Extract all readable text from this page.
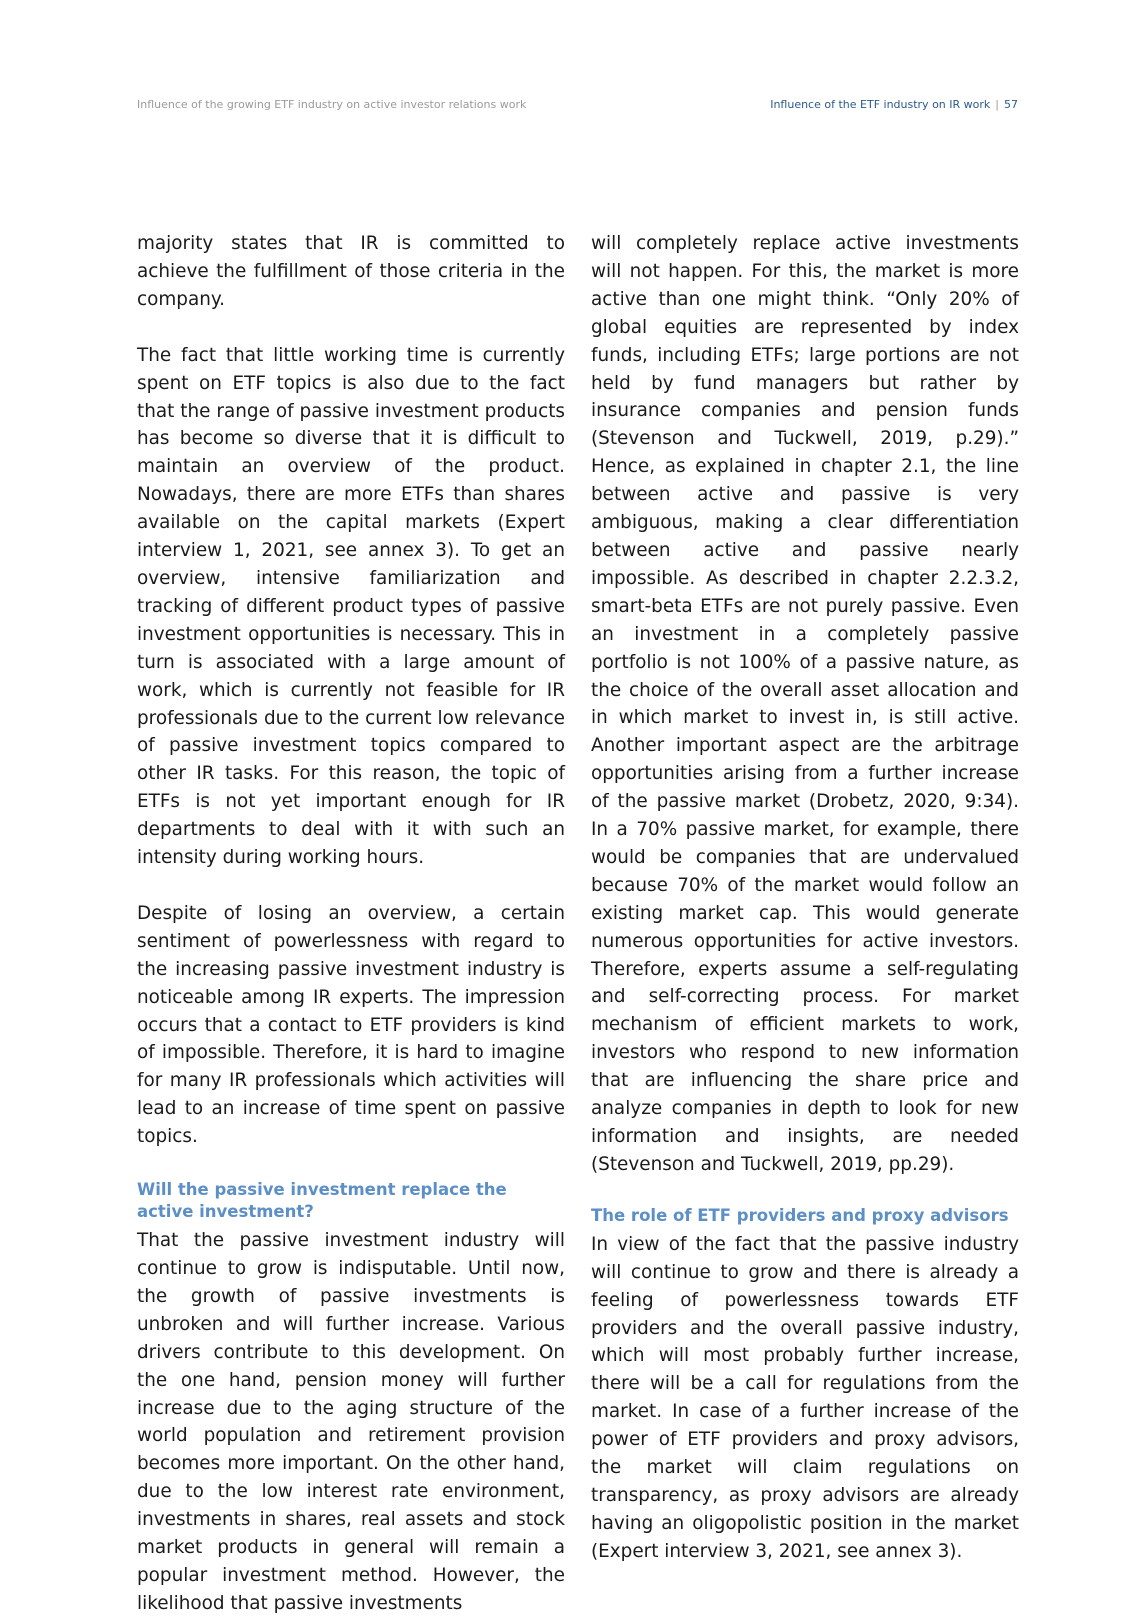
Influence of the growing ETF industry on active investor relations work	Influence of the ETF industry on IR work | 57

majority states that IR is committed to achieve the fulfillment of those criteria in the company.

The fact that little working time is currently spent on ETF topics is also due to the fact that the range of passive investment products has become so diverse that it is difficult to maintain an overview of the product. Nowadays, there are more ETFs than shares available on the capital markets (Expert interview 1, 2021, see annex 3). To get an overview, intensive familiarization and tracking of different product types of passive investment opportunities is necessary. This in turn is associated with a large amount of work, which is currently not feasible for IR professionals due to the current low relevance of passive investment topics compared to other IR tasks. For this reason, the topic of ETFs is not yet important enough for IR departments to deal with it with such an intensity during working hours.

Despite of losing an overview, a certain sentiment of powerlessness with regard to the increasing passive investment industry is noticeable among IR experts. The impression occurs that a contact to ETF providers is kind of impossible. Therefore, it is hard to imagine for many IR professionals which activities will lead to an increase of time spent on passive topics.

Will the passive investment replace the
active investment?

That the passive investment industry will continue to grow is indisputable. Until now, the growth of passive investments is unbroken and will further increase. Various drivers contribute to this development. On the one hand, pension money will further increase due to the aging structure of the world population and retirement provision becomes more important. On the other hand, due to the low interest rate environment, investments in shares, real assets and stock market products in general will remain a popular investment method. However, the likelihood that passive investments

will completely replace active investments will not happen. For this, the market is more active than one might think. “Only 20% of global equities are represented by index funds, including ETFs; large portions are not held by fund managers but rather by insurance companies and pension funds (Stevenson and Tuckwell, 2019, p.29).” Hence, as explained in chapter 2.1, the line between active and passive is very ambiguous, making a clear differentiation between active and passive nearly impossible. As described in chapter 2.2.3.2, smart-beta ETFs are not purely passive. Even an investment in a completely passive portfolio is not 100% of a passive nature, as the choice of the overall asset allocation and in which market to invest in, is still active. Another important aspect are the arbitrage opportunities arising from a further increase of the passive market (Drobetz, 2020, 9:34). In a 70% passive market, for example, there would be companies that are undervalued because 70% of the market would follow an existing market cap. This would generate numerous opportunities for active investors. Therefore, experts assume a self-regulating and self-correcting process. For market mechanism of efficient markets to work, investors who respond to new information that are influencing the share price and analyze companies in depth to look for new information and insights, are needed (Stevenson and Tuckwell, 2019, pp.29).

The role of ETF providers and proxy advisors

In view of the fact that the passive industry will continue to grow and there is already a feeling of powerlessness towards ETF providers and the overall passive industry, which will most probably further increase, there will be a call for regulations from the market. In case of a further increase of the power of ETF providers and proxy advisors, the market will claim regulations on transparency, as proxy advisors are already having an oligopolistic position in the market (Expert interview 3, 2021, see annex 3).
